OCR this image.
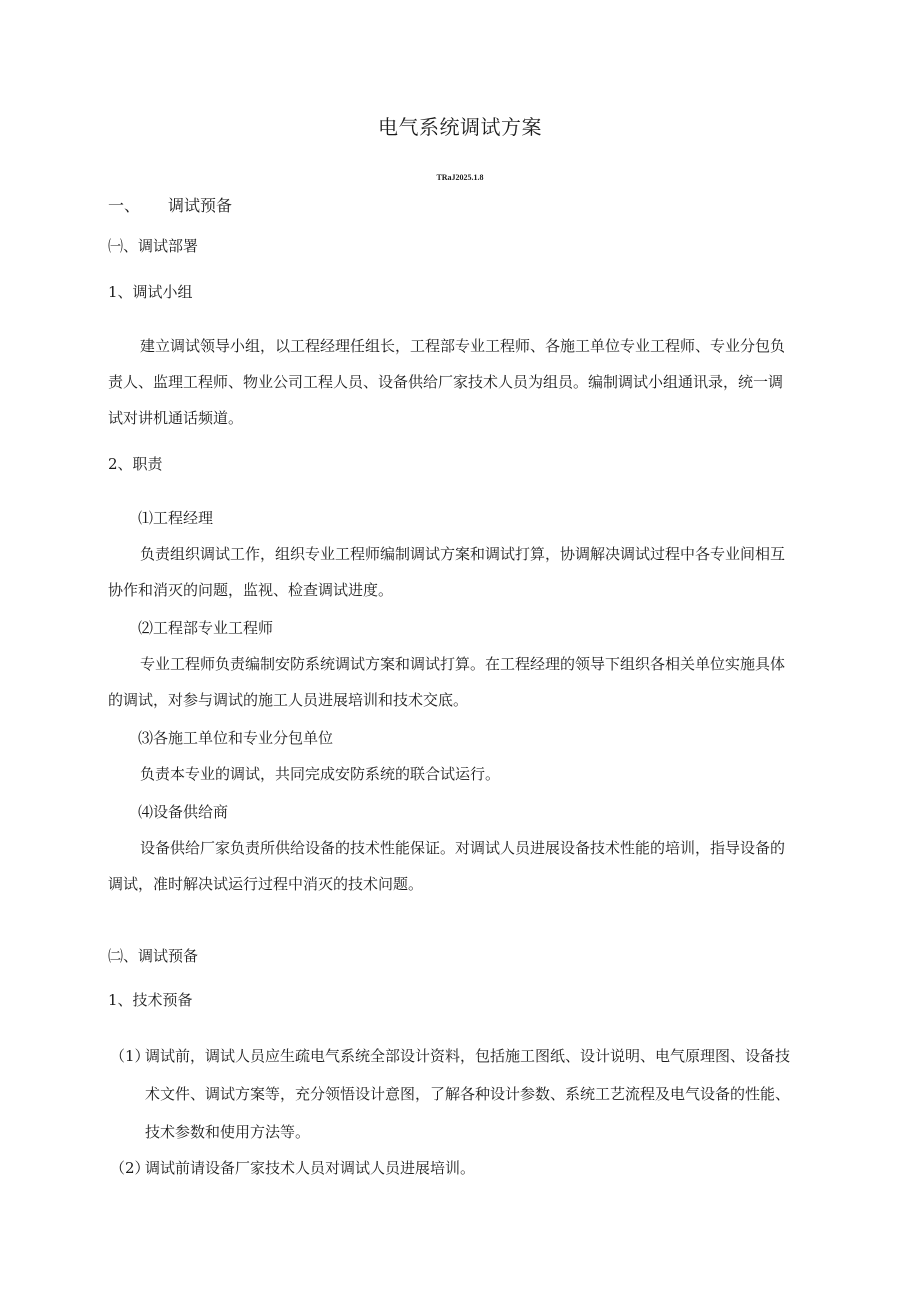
电气系统调试方案
TRaJ2025.1.8
一、 调试预备
㈠、调试部署
1、调试小组
建立调试领导小组，以工程经理任组长，工程部专业工程师、各施工单位专业工程师、专业分包负
责人、监理工程师、物业公司工程人员、设备供给厂家技术人员为组员。编制调试小组通讯录，统一调
试对讲机通话频道。
2、职责
⑴工程经理
负责组织调试工作，组织专业工程师编制调试方案和调试打算，协调解决调试过程中各专业间相互
协作和消灭的问题，监视、检查调试进度。
⑵工程部专业工程师
专业工程师负责编制安防系统调试方案和调试打算。在工程经理的领导下组织各相关单位实施具体
的调试，对参与调试的施工人员进展培训和技术交底。
⑶各施工单位和专业分包单位
负责本专业的调试，共同完成安防系统的联合试运行。
⑷设备供给商
设备供给厂家负责所供给设备的技术性能保证。对调试人员进展设备技术性能的培训，指导设备的
调试，准时解决试运行过程中消灭的技术问题。
㈡、调试预备
1、技术预备
（1）
调试前，调试人员应生疏电气系统全部设计资料，包括施工图纸、设计说明、电气原理图、设备技
术文件、调试方案等，充分领悟设计意图，了解各种设计参数、系统工艺流程及电气设备的性能、
技术参数和使用方法等。
（2）
调试前请设备厂家技术人员对调试人员进展培训。
